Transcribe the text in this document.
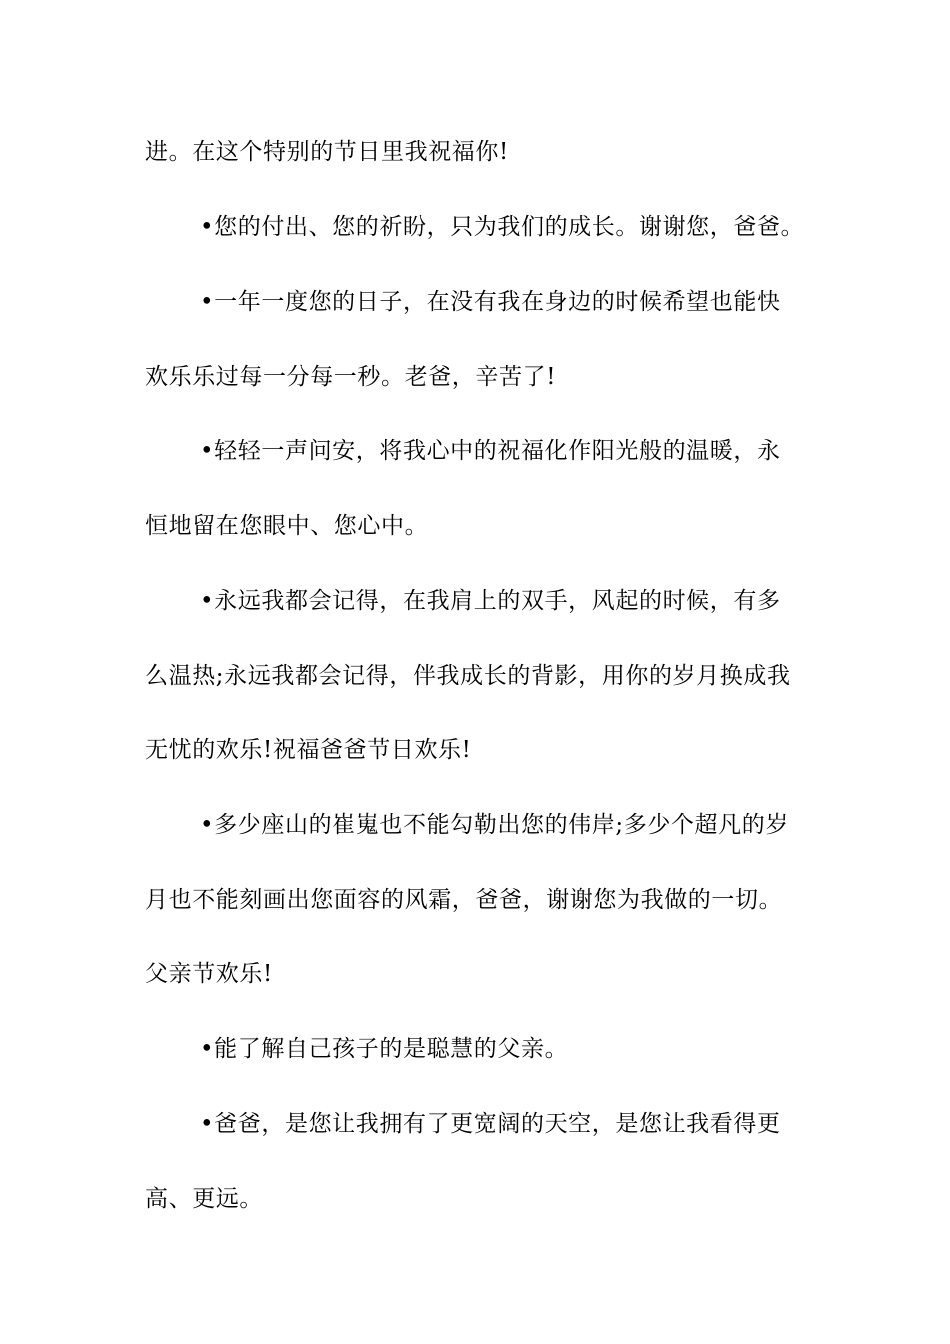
进。在这个特别的节日里我祝福你!
•您的付出、您的祈盼，只为我们的成长。谢谢您，爸爸。
•一年一度您的日子，在没有我在身边的时候希望也能快
欢乐乐过每一分每一秒。老爸，辛苦了!
•轻轻一声问安，将我心中的祝福化作阳光般的温暖，永
恒地留在您眼中、您心中。
•永远我都会记得，在我肩上的双手，风起的时候，有多
么温热;永远我都会记得，伴我成长的背影，用你的岁月换成我
无忧的欢乐!祝福爸爸节日欢乐!
•多少座山的崔嵬也不能勾勒出您的伟岸;多少个超凡的岁
月也不能刻画出您面容的风霜，爸爸，谢谢您为我做的一切。
父亲节欢乐!
•能了解自己孩子的是聪慧的父亲。
•爸爸，是您让我拥有了更宽阔的天空，是您让我看得更
高、更远。
